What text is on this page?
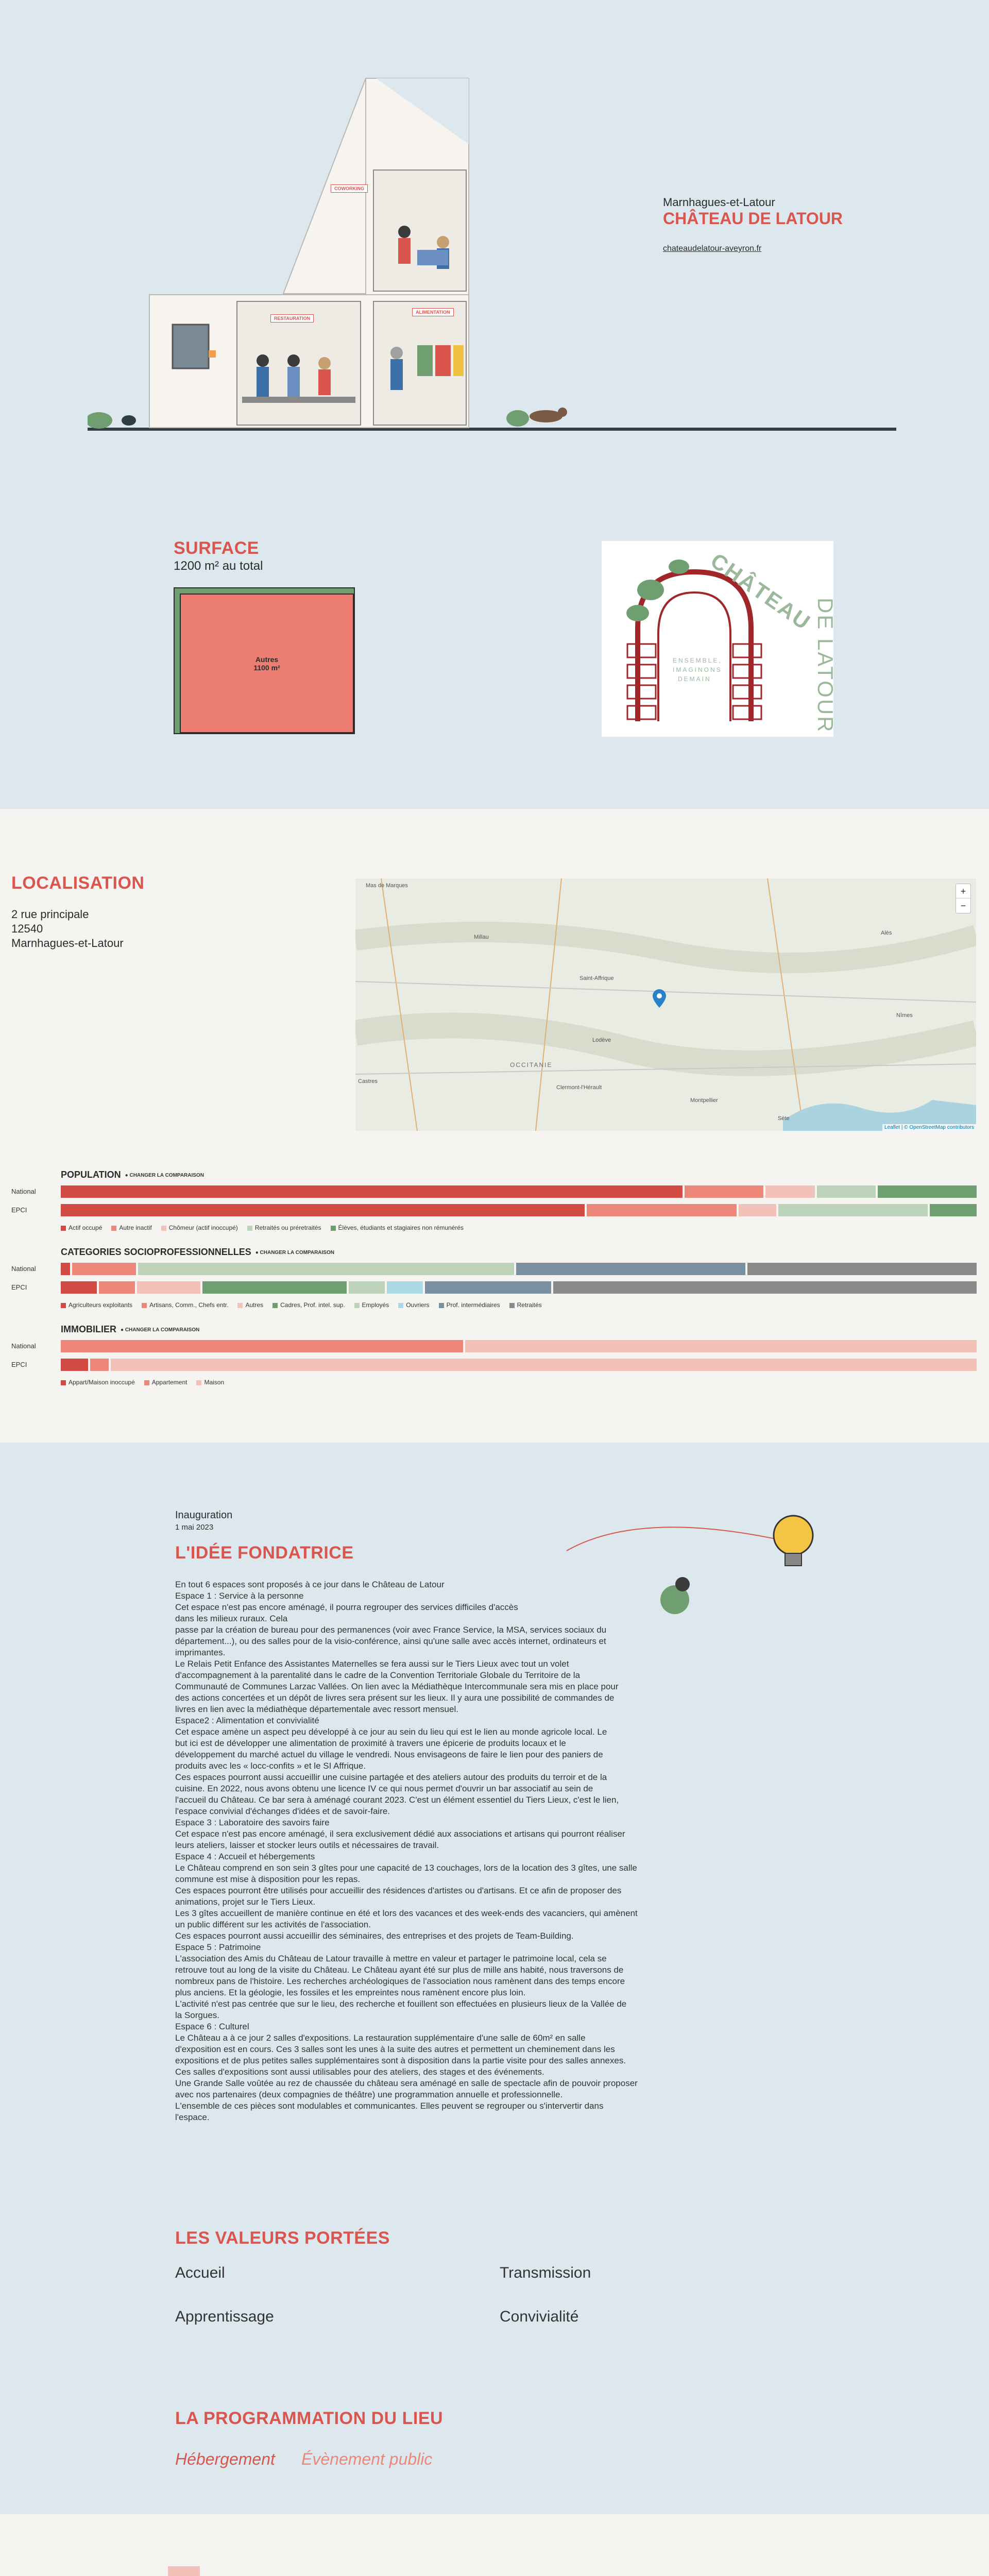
COWORKING
RESTAURATION
ALIMENTATION
Marnhagues-et-Latour
CHÂTEAU DE LATOUR
chateaudelatour-aveyron.fr
SURFACE
1200 m² au total
Autres
1100 m²
CHÂTEAU
DE LATOUR
ENSEMBLE,
IMAGINONS
DEMAIN
LOCALISATION
2 rue principale
12540
Marnhagues-et-Latour
Mas de Marques
Saint-Affrique
Millau
Lodève
Clermont-l'Hérault
Montpellier
OCCITANIE
Nîmes
Sète
Castres
Alès
+
−
Leaflet | © OpenStreetMap contributors
POPULATION ● CHANGER LA COMPARAISON
National
EPCI
Actif occupé	Autre inactif	Chômeur (actif inoccupé)	Retraités ou préretraités	Élèves, étudiants et stagiaires non rémunérés
CATEGORIES SOCIOPROFESSIONNELLES ● CHANGER LA COMPARAISON
National
EPCI
Agriculteurs exploitants	Artisans, Comm., Chefs entr.	Autres	Cadres, Prof. intel. sup.	Employés	Ouvriers	Prof. intermédiaires	Retraités
IMMOBILIER ● CHANGER LA COMPARAISON
National
EPCI
Appart/Maison inoccupé	Appartement	Maison
Inauguration
1 mai 2023
L'IDÉE FONDATRICE
En tout 6 espaces sont proposés à ce jour dans le Château de Latour
Espace 1 : Service à la personne
Cet espace n'est pas encore aménagé, il pourra regrouper des services difficiles d'accès
dans les milieux ruraux. Cela
passe par la création de bureau pour des permanences (voir avec France Service, la MSA, services sociaux du
département...), ou des salles pour de la visio-conférence, ainsi qu'une salle avec accès internet, ordinateurs et
imprimantes.
Le Relais Petit Enfance des Assistantes Maternelles se fera aussi sur le Tiers Lieux avec tout un volet
d'accompagnement à la parentalité dans le cadre de la Convention Territoriale Globale du Territoire de la
Communauté de Communes Larzac Vallées. On lien avec la Médiathèque Intercommunale sera mis en place pour
des actions concertées et un dépôt de livres sera présent sur les lieux. Il y aura une possibilité de commandes de
livres en lien avec la médiathèque départementale avec ressort mensuel.
Espace2 : Alimentation et convivialité
Cet espace amène un aspect peu développé à ce jour au sein du lieu qui est le lien au monde agricole local. Le
but ici est de développer une alimentation de proximité à travers une épicerie de produits locaux et le
développement du marché actuel du village le vendredi. Nous envisageons de faire le lien pour des paniers de
produits avec les « locc-confits » et le SI Affrique.
Ces espaces pourront aussi accueillir une cuisine partagée et des ateliers autour des produits du terroir et de la
cuisine. En 2022, nous avons obtenu une licence IV ce qui nous permet d'ouvrir un bar associatif au sein de
l'accueil du Château. Ce bar sera à aménagé courant 2023. C'est un élément essentiel du Tiers Lieux, c'est le lien,
l'espace convivial d'échanges d'idées et de savoir-faire.
Espace 3 : Laboratoire des savoirs faire
Cet espace n'est pas encore aménagé, il sera exclusivement dédié aux associations et artisans qui pourront réaliser
leurs ateliers, laisser et stocker leurs outils et nécessaires de travail.
Espace 4 : Accueil et hébergements
Le Château comprend en son sein 3 gîtes pour une capacité de 13 couchages, lors de la location des 3 gîtes, une salle
commune est mise à disposition pour les repas.
Ces espaces pourront être utilisés pour accueillir des résidences d'artistes ou d'artisans. Et ce afin de proposer des
animations, projet sur le Tiers Lieux.
Les 3 gîtes accueillent de manière continue en été et lors des vacances et des week-ends des vacanciers, qui amènent
un public différent sur les activités de l'association.
Ces espaces pourront aussi accueillir des séminaires, des entreprises et des projets de Team-Building.
Espace 5 : Patrimoine
L'association des Amis du Château de Latour travaille à mettre en valeur et partager le patrimoine local, cela se
retrouve tout au long de la visite du Château. Le Château ayant été sur plus de mille ans habité, nous traversons de
nombreux pans de l'histoire. Les recherches archéologiques de l'association nous ramènent dans des temps encore
plus anciens. Et la géologie, les fossiles et les empreintes nous ramènent encore plus loin.
L'activité n'est pas centrée que sur le lieu, des recherche et fouillent son effectuées en plusieurs lieux de la Vallée de
la Sorgues.
Espace 6 : Culturel
Le Château a à ce jour 2 salles d'expositions. La restauration supplémentaire d'une salle de 60m² en salle
d'exposition est en cours. Ces 3 salles sont les unes à la suite des autres et permettent un cheminement dans les
expositions et de plus petites salles supplémentaires sont à disposition dans la partie visite pour des salles annexes.
Ces salles d'expositions sont aussi utilisables pour des ateliers, des stages et des événements.
Une Grande Salle voûtée au rez de chaussée du château sera aménagé en salle de spectacle afin de pouvoir proposer
avec nos partenaires (deux compagnies de théâtre) une programmation annuelle et professionnelle.
L'ensemble de ces pièces sont modulables et communicantes. Elles peuvent se regrouper ou s'intervertir dans
l'espace.
LES VALEURS PORTÉES
Accueil	Transmission
Apprentissage	Convivialité
LA PROGRAMMATION DU LIEU
Hébergement Évènement public
